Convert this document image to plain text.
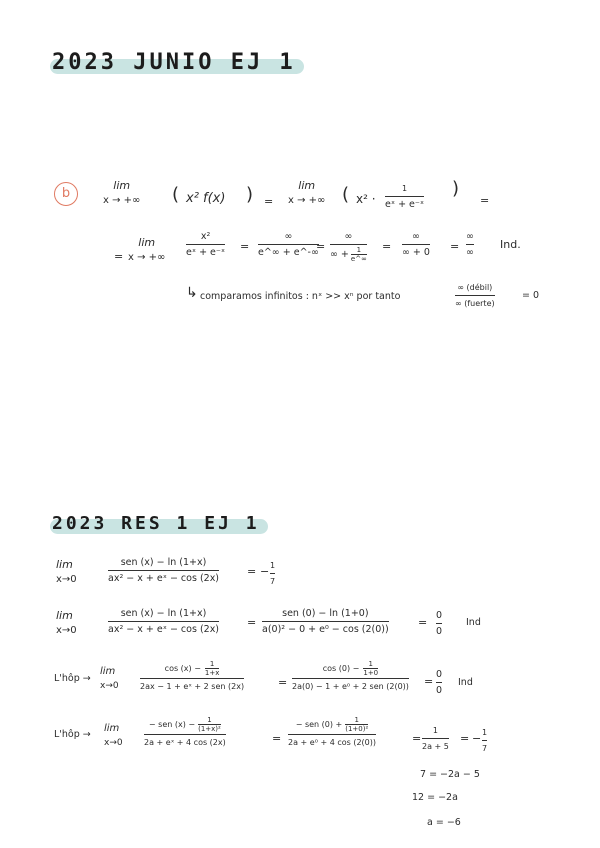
2023 JUNIO EJ 1
b
lim
x → +∞ ( x² f(x) ) =
lim
x → +∞ ( x² ·
1
eˣ + e⁻ˣ
)
=
=
lim
x → +∞
x²
eˣ + e⁻ˣ =
∞
e^∞ + e^-∞
=
∞
∞ + 1
e^∞
=
∞
∞ + 0 =
∞
∞
Ind.
↳ comparamos infinitos : nˣ >> xⁿ por tanto
∞ (débil)
∞ (fuerte)
= 0
2023 RES 1 EJ 1
lim
x→0
sen (x) − ln (1+x)
ax² − x + eˣ − cos (2x)
= − 1
7
lim
x→0
sen (x) − ln (1+x)
ax² − x + eˣ − cos (2x)
=
sen (0) − ln (1+0)
a(0)² − 0 + e⁰ − cos (2(0))
=
0
0
Ind
L'hôp →
lim
x→0
cos (x) − 1
1+x
2ax − 1 + eˣ + 2 sen (2x)	=
cos (0) − 1
1+0
2a(0) − 1 + e⁰ + 2 sen (2(0)) =
0
0
Ind
L'hôp →
lim
x→0
− sen (x) − 1
(1+x)²
2a + eˣ + 4 cos (2x)	=
− sen (0) + 1
(1+0)²
2a + e⁰ + 4 cos (2(0))	=
1
2a + 5
= − 1
7
7 = −2a − 5
12 = −2a
a = −6
